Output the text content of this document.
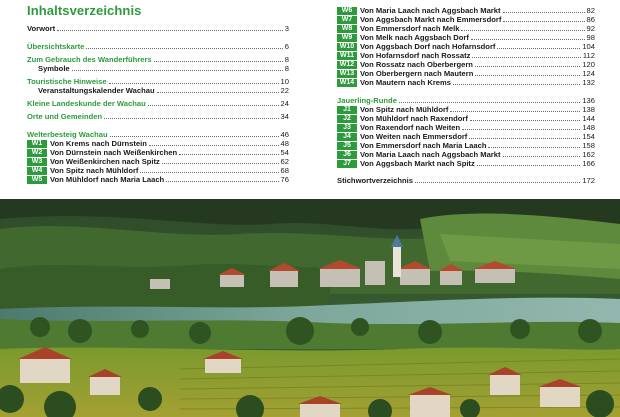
Inhaltsverzeichnis
Vorwort	3
Übersichtskarte	6
Zum Gebrauch des Wanderführers	8
Symbole	8
Touristische Hinweise	10
Veranstaltungskalender Wachau	22
Kleine Landeskunde der Wachau	24
Orte und Gemeinden	34
Welterbesteig Wachau	46
W1	Von Krems nach Dürnstein	48
W2	Von Dürnstein nach Weißenkirchen	54
W3	Von Weißenkirchen nach Spitz	62
W4	Von Spitz nach Mühldorf	68
W5	Von Mühldorf nach Maria Laach	76
W6	Von Maria Laach nach Aggsbach Markt	82
W7	Von Aggsbach Markt nach Emmersdorf	86
W8	Von Emmersdorf nach Melk	92
W9	Von Melk nach Aggsbach Dorf	98
W10 Von Aggsbach Dorf nach Hofarnsdorf	104
W11 Von Hofarnsdorf nach Rossatz	112
W12 Von Rossatz nach Oberbergern	120
W13 Von Oberbergern nach Mautern	124
W14 Von Mautern nach Krems	132
Jauerling-Runde	136
J1	Von Spitz nach Mühldorf	138
J2	Von Mühldorf nach Raxendorf	144
J3	Von Raxendorf nach Weiten	148
J4	Von Weiten nach Emmersdorf	154
J5	Von Emmersdorf nach Maria Laach	158
J6	Von Maria Laach nach Aggsbach Markt	162
J7	Von Aggsbach Markt nach Spitz	166
Stichwortverzeichnis	172
